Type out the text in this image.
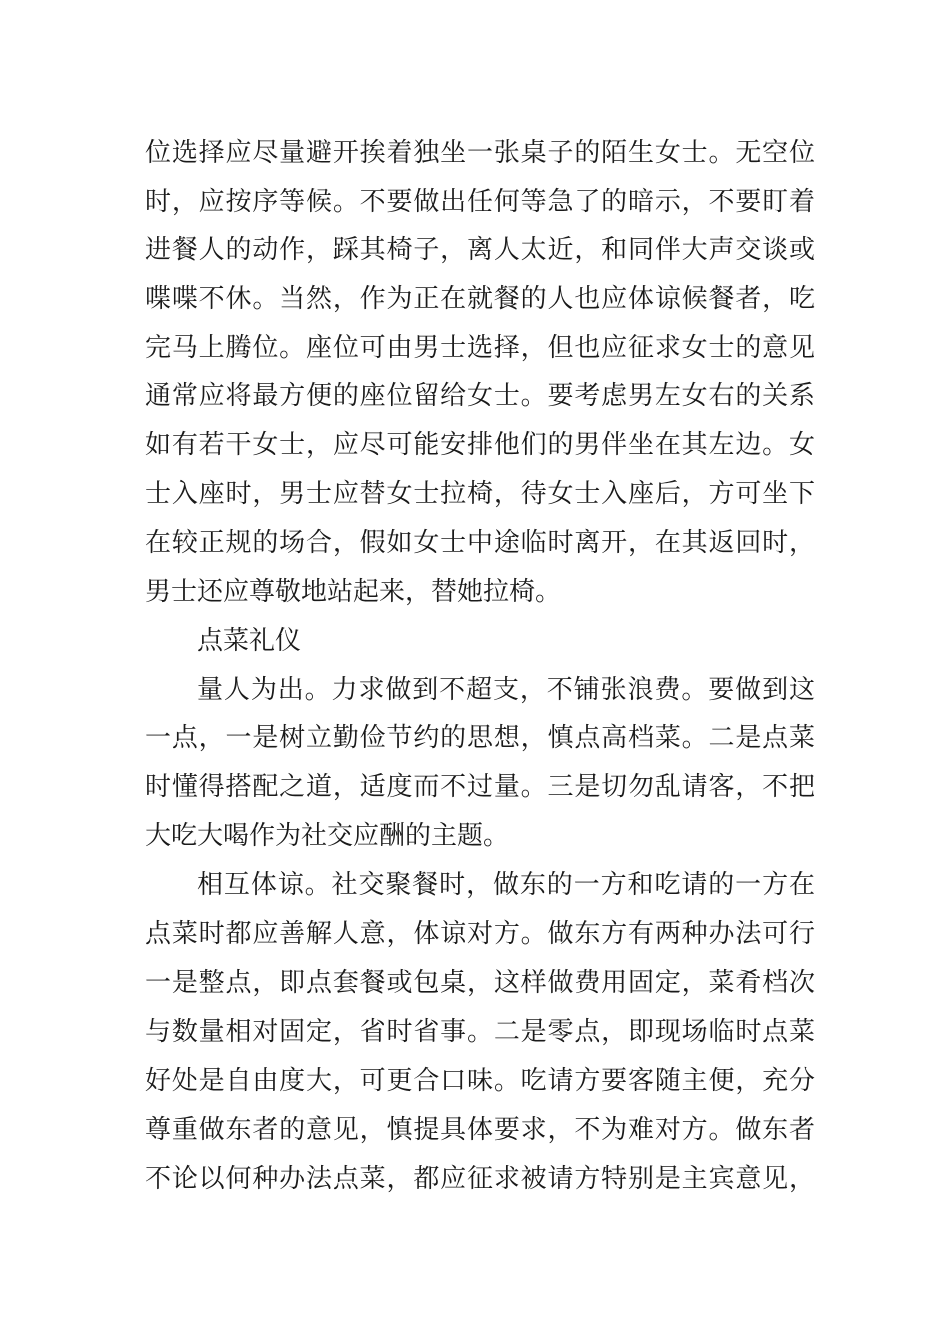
位选择应尽量避开挨着独坐一张桌子的陌生女士。无空位

时，应按序等候。不要做出任何等急了的暗示，不要盯着

进餐人的动作，踩其椅子，离人太近，和同伴大声交谈或

喋喋不休。当然，作为正在就餐的人也应体谅候餐者，吃

完马上腾位。座位可由男士选择，但也应征求女士的意见

通常应将最方便的座位留给女士。要考虑男左女右的关系

如有若干女士，应尽可能安排他们的男伴坐在其左边。女

士入座时，男士应替女士拉椅，待女士入座后，方可坐下

在较正规的场合，假如女士中途临时离开，在其返回时，

男士还应尊敬地站起来，替她拉椅。

点菜礼仪

量人为出。力求做到不超支，不铺张浪费。要做到这

一点，一是树立勤俭节约的思想，慎点高档菜。二是点菜

时懂得搭配之道，适度而不过量。三是切勿乱请客，不把

大吃大喝作为社交应酬的主题。

相互体谅。社交聚餐时，做东的一方和吃请的一方在

点菜时都应善解人意，体谅对方。做东方有两种办法可行

一是整点，即点套餐或包桌，这样做费用固定，菜肴档次

与数量相对固定，省时省事。二是零点，即现场临时点菜

好处是自由度大，可更合口味。吃请方要客随主便，充分

尊重做东者的意见，慎提具体要求，不为难对方。做东者

不论以何种办法点菜，都应征求被请方特别是主宾意见，
